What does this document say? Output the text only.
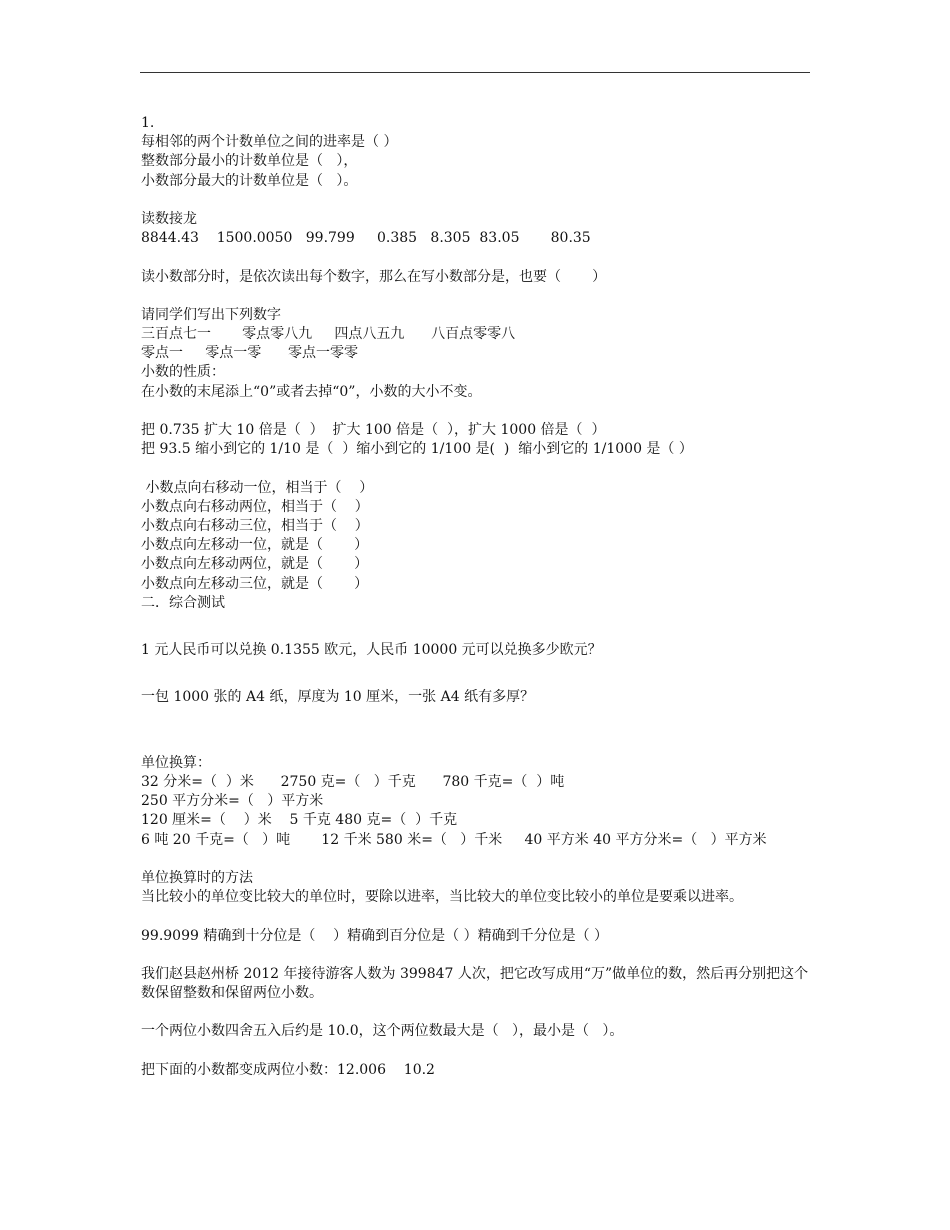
1.
每相邻的两个计数单位之间的进率是（ ）
整数部分最小的计数单位是（   ），
小数部分最大的计数单位是（   ）。
读数接龙
8844.43    1500.0050   99.799     0.385   8.305  83.05       80.35
读小数部分时，是依次读出每个数字，那么在写小数部分是，也要（       ）
请同学们写出下列数字
三百点七一       零点零八九     四点八五九      八百点零零八
零点一     零点一零      零点一零零
小数的性质：
在小数的末尾添上“0”或者去掉“0”，小数的大小不变。
把 0.735 扩大 10 倍是（  ）  扩大 100 倍是（  ），扩大 1000 倍是（  ）
把 93.5 缩小到它的 1/10 是（  ）缩小到它的 1/100 是(  )  缩小到它的 1/1000 是（ ）
小数点向右移动一位，相当于（    ）
小数点向右移动两位，相当于（    ）
小数点向右移动三位，相当于（    ）
小数点向左移动一位，就是（       ）
小数点向左移动两位，就是（       ）
小数点向左移动三位，就是（       ）
二．综合测试
1 元人民币可以兑换 0.1355 欧元，人民币 10000 元可以兑换多少欧元？
一包 1000 张的 A4 纸，厚度为 10 厘米，一张 A4 纸有多厚？
单位换算：
32 分米=（  ）米      2750 克=（   ）千克      780 千克=（  ）吨
250 平方分米=（   ）平方米
120 厘米=（    ）米    5 千克 480 克=（  ）千克
6 吨 20 千克=（   ）吨       12 千米 580 米=（   ）千米     40 平方米 40 平方分米=（   ）平方米
单位换算时的方法
当比较小的单位变比较大的单位时，要除以进率，当比较大的单位变比较小的单位是要乘以进率。
99.9099 精确到十分位是（    ）精确到百分位是（ ）精确到千分位是（ ）
我们赵县赵州桥 2012 年接待游客人数为 399847 人次，把它改写成用“万”做单位的数，然后再分别把这个数保留整数和保留两位小数。
一个两位小数四舍五入后约是 10.0，这个两位数最大是（   ），最小是（   ）。
把下面的小数都变成两位小数：12.006    10.2
